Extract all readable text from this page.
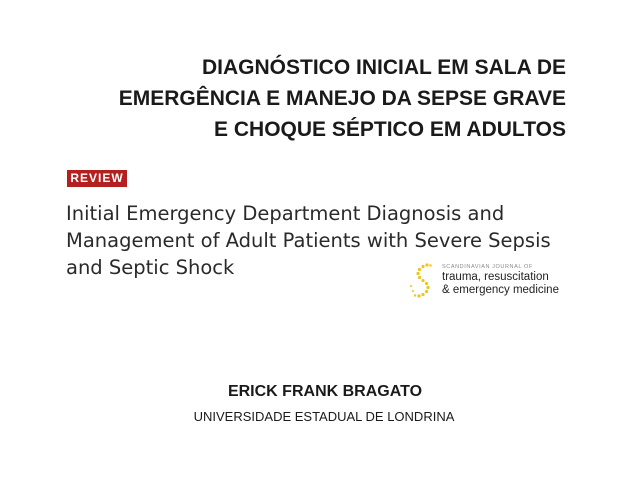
DIAGNÓSTICO INICIAL EM SALA DE
EMERGÊNCIA E MANEJO DA SEPSE GRAVE
E CHOQUE SÉPTICO EM ADULTOS
REVIEW
Initial Emergency Department Diagnosis and
Management of Adult Patients with Severe Sepsis
and Septic Shock	SCANDINAVIAN JOURNAL OF
trauma, resuscitation
& emergency medicine
ERICK FRANK BRAGATO
UNIVERSIDADE ESTADUAL DE LONDRINA
